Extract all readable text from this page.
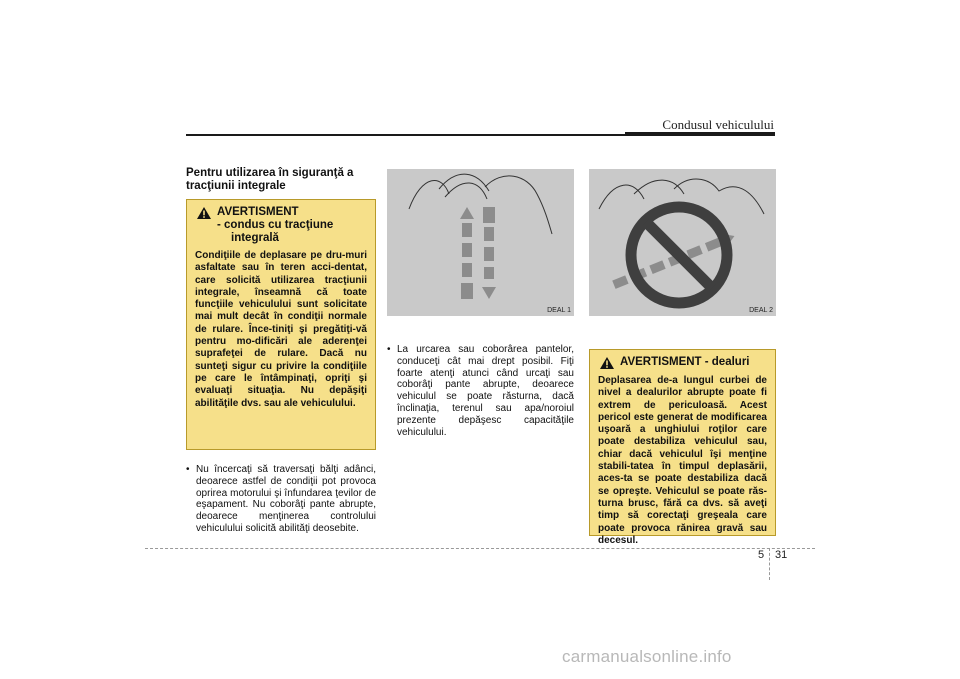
Condusul vehiculului
Pentru utilizarea în siguranţă a tracţiunii integrale
AVERTISMENT
- condus cu tracţiune
integrală
Condiţiile de deplasare pe dru-muri asfaltate sau în teren acci-dentat, care solicită utilizarea tracţiunii integrale, înseamnă că toate funcţiile vehiculului sunt solicitate mai mult decât în condiţii normale de rulare. Înce-tiniţi şi pregătiţi-vă pentru mo-dificări ale aderenţei suprafeţei de rulare. Dacă nu sunteţi sigur cu privire la condiţiile pe care le întâmpinaţi, opriţi şi evaluaţi situaţia. Nu depăşiţi abilităţile dvs. sau ale vehiculului.
• Nu încercaţi să traversaţi bălţi adânci, deoarece astfel de condiţii pot provoca oprirea motorului şi înfundarea ţevilor de eşapament. Nu coborâţi pante abrupte, deoarece menţinerea controlului vehiculului solicită abilităţi deosebite.
DEAL 1
• La urcarea sau coborârea pantelor, conduceţi cât mai drept posibil. Fiţi foarte atenţi atunci când urcaţi sau coborâţi pante abrupte, deoarece vehiculul se poate răsturna, dacă înclinaţia, terenul sau apa/noroiul prezente depăşesc capacităţile vehiculului.
DEAL 2
AVERTISMENT - dealuri
Deplasarea de-a lungul curbei de nivel a dealurilor abrupte poate fi extrem de periculoasă. Acest pericol este generat de modificarea uşoară a unghiului roţilor care poate destabiliza vehiculul sau, chiar dacă vehiculul îşi menţine stabili-tatea în timpul deplasării, aces-ta se poate destabiliza dacă se opreşte. Vehiculul se poate răs-turna brusc, fără ca dvs. să aveţi timp să corectaţi greşeala care poate provoca rănirea gravă sau decesul.
5 31
carmanualsonline.info
